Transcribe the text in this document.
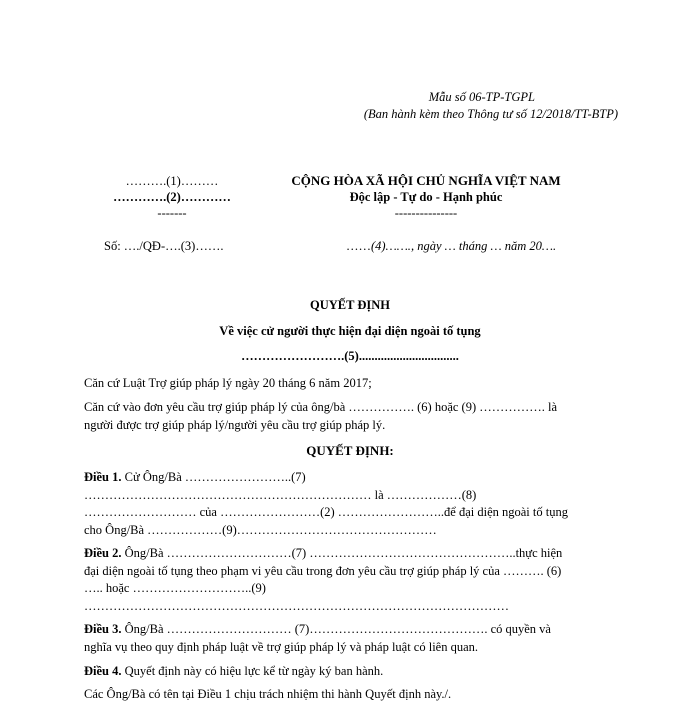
Mẫu số 06-TP-TGPL
(Ban hành kèm theo Thông tư số 12/2018/TT-BTP)
……….(1)………
………….(2)…………
-------
CỘNG HÒA XÃ HỘI CHỦ NGHĨA VIỆT NAM
Độc lập - Tự do - Hạnh phúc
---------------
Số: …./QĐ-….(3)…….	……(4)……., ngày … tháng … năm 20….
QUYẾT ĐỊNH
Về việc cử người thực hiện đại diện ngoài tố tụng
…………………….(5)................................
Căn cứ Luật Trợ giúp pháp lý ngày 20 tháng 6 năm 2017;
Căn cứ vào đơn yêu cầu trợ giúp pháp lý của ông/bà ……………. (6) hoặc (9) ……………. là
người được trợ giúp pháp lý/người yêu cầu trợ giúp pháp lý.
QUYẾT ĐỊNH:
Điều 1. Cử Ông/Bà ……………………..(7)
…………………………………………………………… là ………………(8)
……………………… của ……………………(2) ……………………..để đại diện ngoài tố tụng
cho Ông/Bà ………………(9)…………………………………………
Điều 2. Ông/Bà …………………………(7) …………………………………………..thực hiện
đại diện ngoài tố tụng theo phạm vi yêu cầu trong đơn yêu cầu trợ giúp pháp lý của ………. (6)
….. hoặc ………………………..(9)
…………………………………………………………………………………………
Điều 3. Ông/Bà ………………………… (7)……………………………………. có quyền và
nghĩa vụ theo quy định pháp luật về trợ giúp pháp lý và pháp luật có liên quan.
Điều 4. Quyết định này có hiệu lực kể từ ngày ký ban hành.
Các Ông/Bà có tên tại Điều 1 chịu trách nhiệm thi hành Quyết định này./.
